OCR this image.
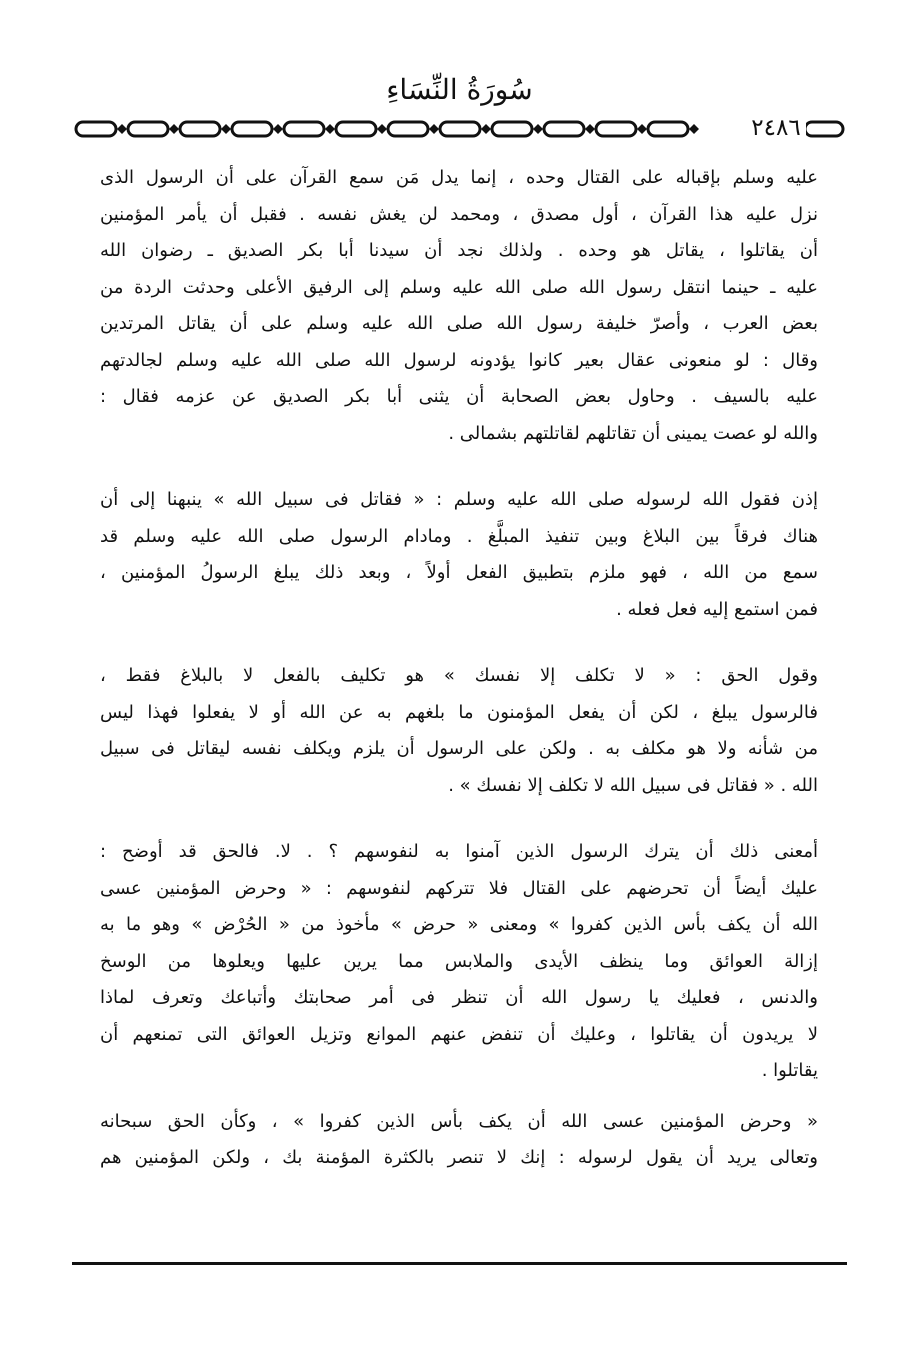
سُورَةُ النِّسَاءِ
٢٤٨٦
عليه وسلم بإقباله على القتال وحده ، إنما يدل مَن سمع القرآن على أن الرسول الذى
نزل عليه هذا القرآن ، أول مصدق ، ومحمد لن يغش نفسه . فقبل أن يأمر المؤمنين
أن يقاتلوا ، يقاتل هو وحده . ولذلك نجد أن سيدنا أبا بكر الصديق ـ رضوان الله
عليه ـ حينما انتقل رسول الله صلى الله عليه وسلم إلى الرفيق الأعلى وحدثت الردة من
بعض العرب ، وأصرّ خليفة رسول الله صلى الله عليه وسلم على أن يقاتل المرتدين
وقال : لو منعونى عقال بعير كانوا يؤدونه لرسول الله صلى الله عليه وسلم لجالدتهم
عليه بالسيف . وحاول بعض الصحابة أن يثنى أبا بكر الصديق عن عزمه فقال :
والله لو عصت يمينى أن تقاتلهم لقاتلتهم بشمالى .
إذن فقول الله لرسوله صلى الله عليه وسلم : « فقاتل فى سبيل الله » ينبهنا إلى أن
هناك فرقاً بين البلاغ وبين تنفيذ المبلَّغ . ومادام الرسول صلى الله عليه وسلم قد
سمع من الله ، فهو ملزم بتطبيق الفعل أولاً ، وبعد ذلك يبلغ الرسولُ المؤمنين ،
فمن استمع إليه فعل فعله .
وقول الحق : « لا تكلف إلا نفسك » هو تكليف بالفعل لا بالبلاغ فقط ،
فالرسول يبلغ ، لكن أن يفعل المؤمنون ما بلغهم به عن الله أو لا يفعلوا فهذا ليس
من شأنه ولا هو مكلف به . ولكن على الرسول أن يلزم ويكلف نفسه ليقاتل فى سبيل
الله . « فقاتل فى سبيل الله لا تكلف إلا نفسك » .
أمعنى ذلك أن يترك الرسول الذين آمنوا به لنفوسهم ؟ . لا. فالحق قد أوضح :
عليك أيضاً أن تحرضهم على القتال فلا تتركهم لنفوسهم : « وحرض المؤمنين عسى
الله أن يكف بأس الذين كفروا » ومعنى « حرض » مأخوذ من « الحُرْض » وهو ما به
إزالة العوائق وما ينظف الأيدى والملابس مما يرين عليها ويعلوها من الوسخ
والدنس ، فعليك يا رسول الله أن تنظر فى أمر صحابتك وأتباعك وتعرف لماذا
لا يريدون أن يقاتلوا ، وعليك أن تنفض عنهم الموانع وتزيل العوائق التى تمنعهم أن
يقاتلوا .
« وحرض المؤمنين عسى الله أن يكف بأس الذين كفروا » ، وكأن الحق سبحانه
وتعالى يريد أن يقول لرسوله : إنك لا تنصر بالكثرة المؤمنة بك ، ولكن المؤمنين هم
